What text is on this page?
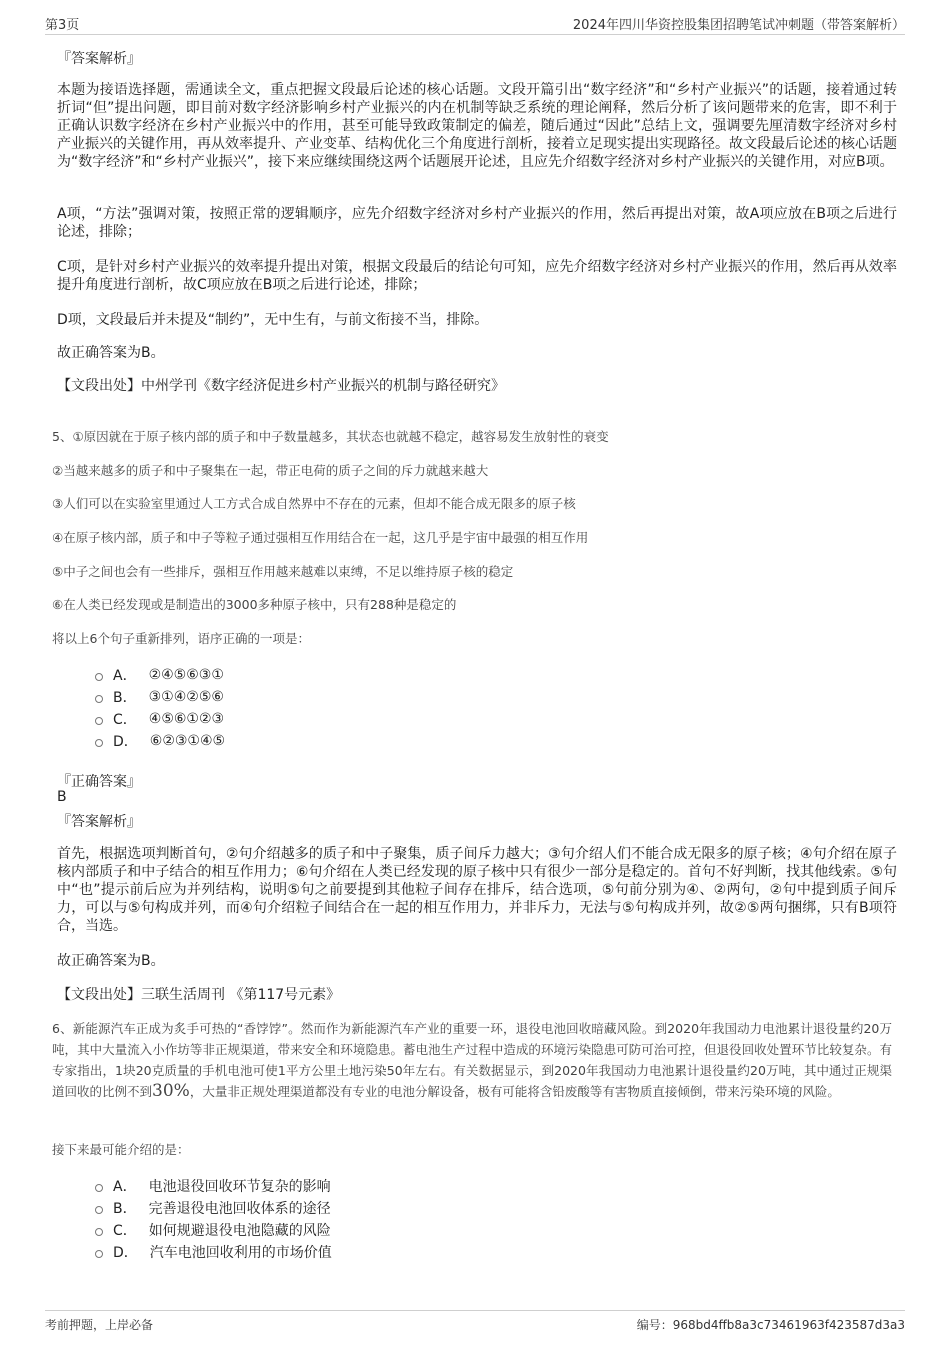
第3页	2024年四川华资控股集团招聘笔试冲刺题（带答案解析）
『答案解析』

本题为接语选择题，需通读全文，重点把握文段最后论述的核心话题。文段开篇引出“数字经济”和“乡村产业振兴”的话题，接着通过转折词“但”提出问题，即目前对数字经济影响乡村产业振兴的内在机制等缺乏系统的理论阐释，然后分析了该问题带来的危害，即不利于正确认识数字经济在乡村产业振兴中的作用，甚至可能导致政策制定的偏差，随后通过“因此”总结上文，强调要先厘清数字经济对乡村产业振兴的关键作用，再从效率提升、产业变革、结构优化三个角度进行剖析，接着立足现实提出实现路径。故文段最后论述的核心话题为“数字经济”和“乡村产业振兴”，接下来应继续围绕这两个话题展开论述，且应先介绍数字经济对乡村产业振兴的关键作用，对应B项。

A项，“方法”强调对策，按照正常的逻辑顺序，应先介绍数字经济对乡村产业振兴的作用，然后再提出对策，故A项应放在B项之后进行论述，排除；

C项，是针对乡村产业振兴的效率提升提出对策，根据文段最后的结论句可知，应先介绍数字经济对乡村产业振兴的作用，然后再从效率提升角度进行剖析，故C项应放在B项之后进行论述，排除；

D项，文段最后并未提及“制约”，无中生有，与前文衔接不当，排除。

故正确答案为B。

【文段出处】中州学刊《数字经济促进乡村产业振兴的机制与路径研究》

5、①原因就在于原子核内部的质子和中子数量越多，其状态也就越不稳定，越容易发生放射性的衰变

②当越来越多的质子和中子聚集在一起，带正电荷的质子之间的斥力就越来越大

③人们可以在实验室里通过人工方式合成自然界中不存在的元素，但却不能合成无限多的原子核

④在原子核内部，质子和中子等粒子通过强相互作用结合在一起，这几乎是宇宙中最强的相互作用

⑤中子之间也会有一些排斥，强相互作用越来越难以束缚，不足以维持原子核的稳定

⑥在人类已经发现或是制造出的3000多种原子核中，只有288种是稳定的

将以上6个句子重新排列，语序正确的一项是：

A． ②④⑤⑥③①
B． ③①④②⑤⑥
C． ④⑤⑥①②③
D． ⑥②③①④⑤
『正确答案』
B
『答案解析』

首先，根据选项判断首句，②句介绍越多的质子和中子聚集，质子间斥力越大；③句介绍人们不能合成无限多的原子核；④句介绍在原子核内部质子和中子结合的相互作用力；⑥句介绍在人类已经发现的原子核中只有很少一部分是稳定的。首句不好判断，找其他线索。⑤句中“也”提示前后应为并列结构，说明⑤句之前要提到其他粒子间存在排斥，结合选项，⑤句前分别为④、②两句，②句中提到质子间斥力，可以与⑤句构成并列，而④句介绍粒子间结合在一起的相互作用力，并非斥力，无法与⑤句构成并列，故②⑤两句捆绑，只有B项符合，当选。

故正确答案为B。

【文段出处】三联生活周刊 《第117号元素》

6、新能源汽车正成为炙手可热的“香饽饽”。然而作为新能源汽车产业的重要一环，退役电池回收暗藏风险。到2020年我国动力电池累计退役量约20万吨，其中大量流入小作坊等非正规渠道，带来安全和环境隐患。蓄电池生产过程中造成的环境污染隐患可防可治可控，但退役回收处置环节比较复杂。有专家指出，1块20克质量的手机电池可使1平方公里土地污染50年左右。有关数据显示，到2020年我国动力电池累计退役量约20万吨，其中通过正规渠道回收的比例不到30%，大量非正规处理渠道都没有专业的电池分解设备，极有可能将含铅废酸等有害物质直接倾倒，带来污染环境的风险。

接下来最可能介绍的是：

A． 电池退役回收环节复杂的影响
B． 完善退役电池回收体系的途径
C． 如何规避退役电池隐藏的风险
D． 汽车电池回收利用的市场价值
考前押题，上岸必备	编号：968bd4ffb8a3c73461963f423587d3a3
